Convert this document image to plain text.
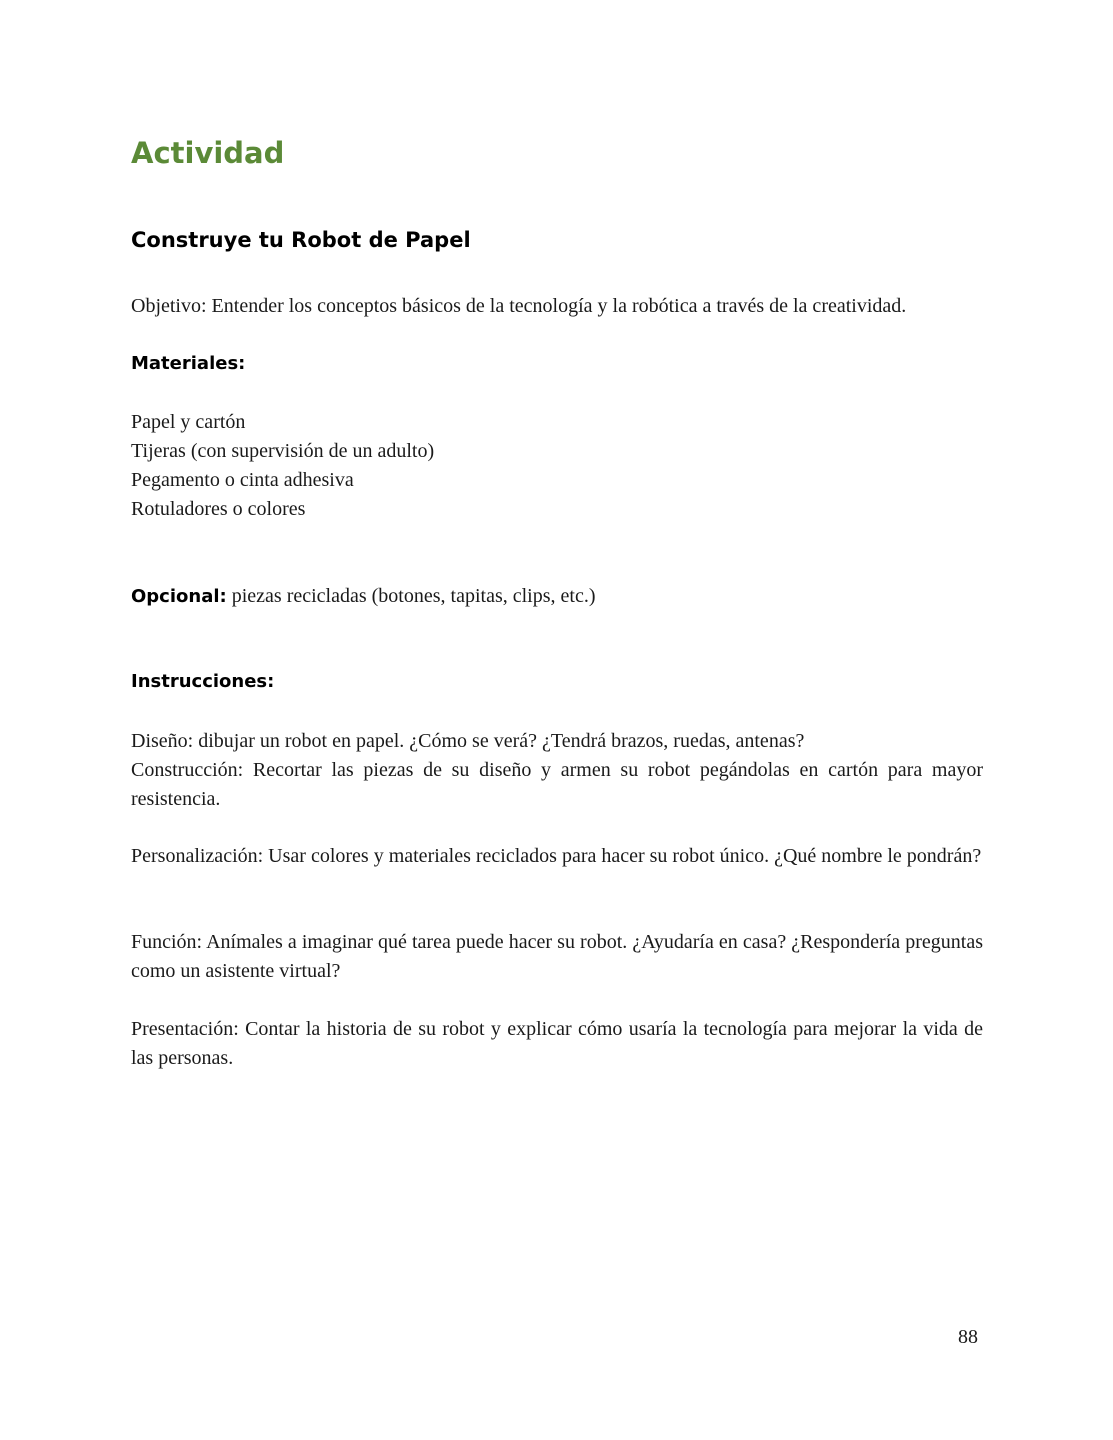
Actividad
Construye tu Robot de Papel

Objetivo: Entender los conceptos básicos de la tecnología y la robótica a través de la creatividad.

Materiales:
Papel y cartón
Tijeras (con supervisión de un adulto)
Pegamento o cinta adhesiva
Rotuladores o colores

Opcional: piezas recicladas (botones, tapitas, clips, etc.)

Instrucciones:

Diseño: dibujar un robot en papel. ¿Cómo se verá? ¿Tendrá brazos, ruedas, antenas?

Construcción: Recortar las piezas de su diseño y armen su robot pegándolas en cartón para mayor resistencia.

Personalización: Usar colores y materiales reciclados para hacer su robot único. ¿Qué nombre le pondrán?

Función: Anímales a imaginar qué tarea puede hacer su robot. ¿Ayudaría en casa? ¿Respondería preguntas como un asistente virtual?

Presentación: Contar la historia de su robot y explicar cómo usaría la tecnología para mejorar la vida de las personas.

88
